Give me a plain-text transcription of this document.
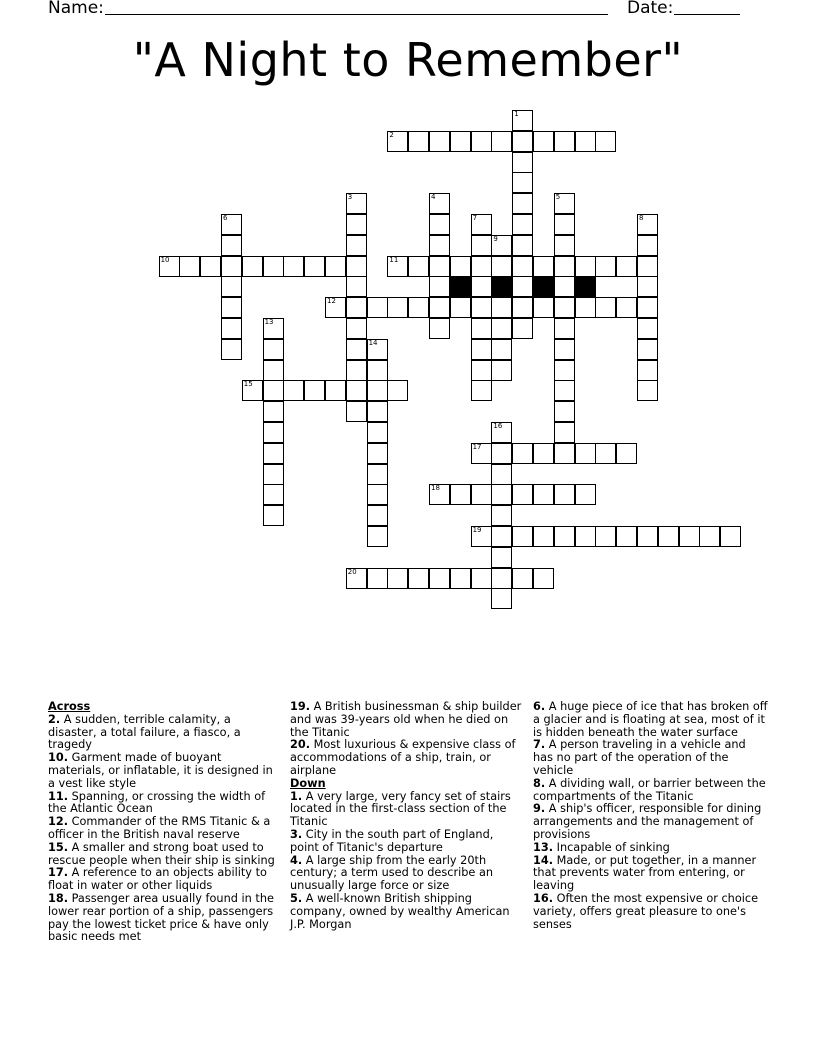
Name:	Date:
"A Night to Remember"
1
2
3	4	5
6	7	8
9
10	11
12
13
14
15
16
17
18
19
20

Across

2. A sudden, terrible calamity, a disaster, a total failure, a fiasco, a tragedy

10. Garment made of buoyant materials, or inflatable, it is designed in a vest like style

11. Spanning, or crossing the width of the Atlantic Ocean

12. Commander of the RMS Titanic & a officer in the British naval reserve

15. A smaller and strong boat used to rescue people when their ship is sinking

17. A reference to an objects ability to float in water or other liquids

18. Passenger area usually found in the lower rear portion of a ship, passengers pay the lowest ticket price & have only basic needs met

19. A British businessman & ship builder and was 39-years old when he died on the Titanic

20. Most luxurious & expensive class of accommodations of a ship, train, or airplane

Down

1. A very large, very fancy set of stairs located in the first-class section of the Titanic

3. City in the south part of England, point of Titanic's departure

4. A large ship from the early 20th century; a term used to describe an unusually large force or size

5. A well-known British shipping company, owned by wealthy American J.P. Morgan

6. A huge piece of ice that has broken off a glacier and is floating at sea, most of it is hidden beneath the water surface

7. A person traveling in a vehicle and has no part of the operation of the vehicle

8. A dividing wall, or barrier between the compartments of the Titanic

9. A ship's officer, responsible for dining arrangements and the management of provisions

13. Incapable of sinking

14. Made, or put together, in a manner that prevents water from entering, or leaving

16. Often the most expensive or choice variety, offers great pleasure to one's senses
